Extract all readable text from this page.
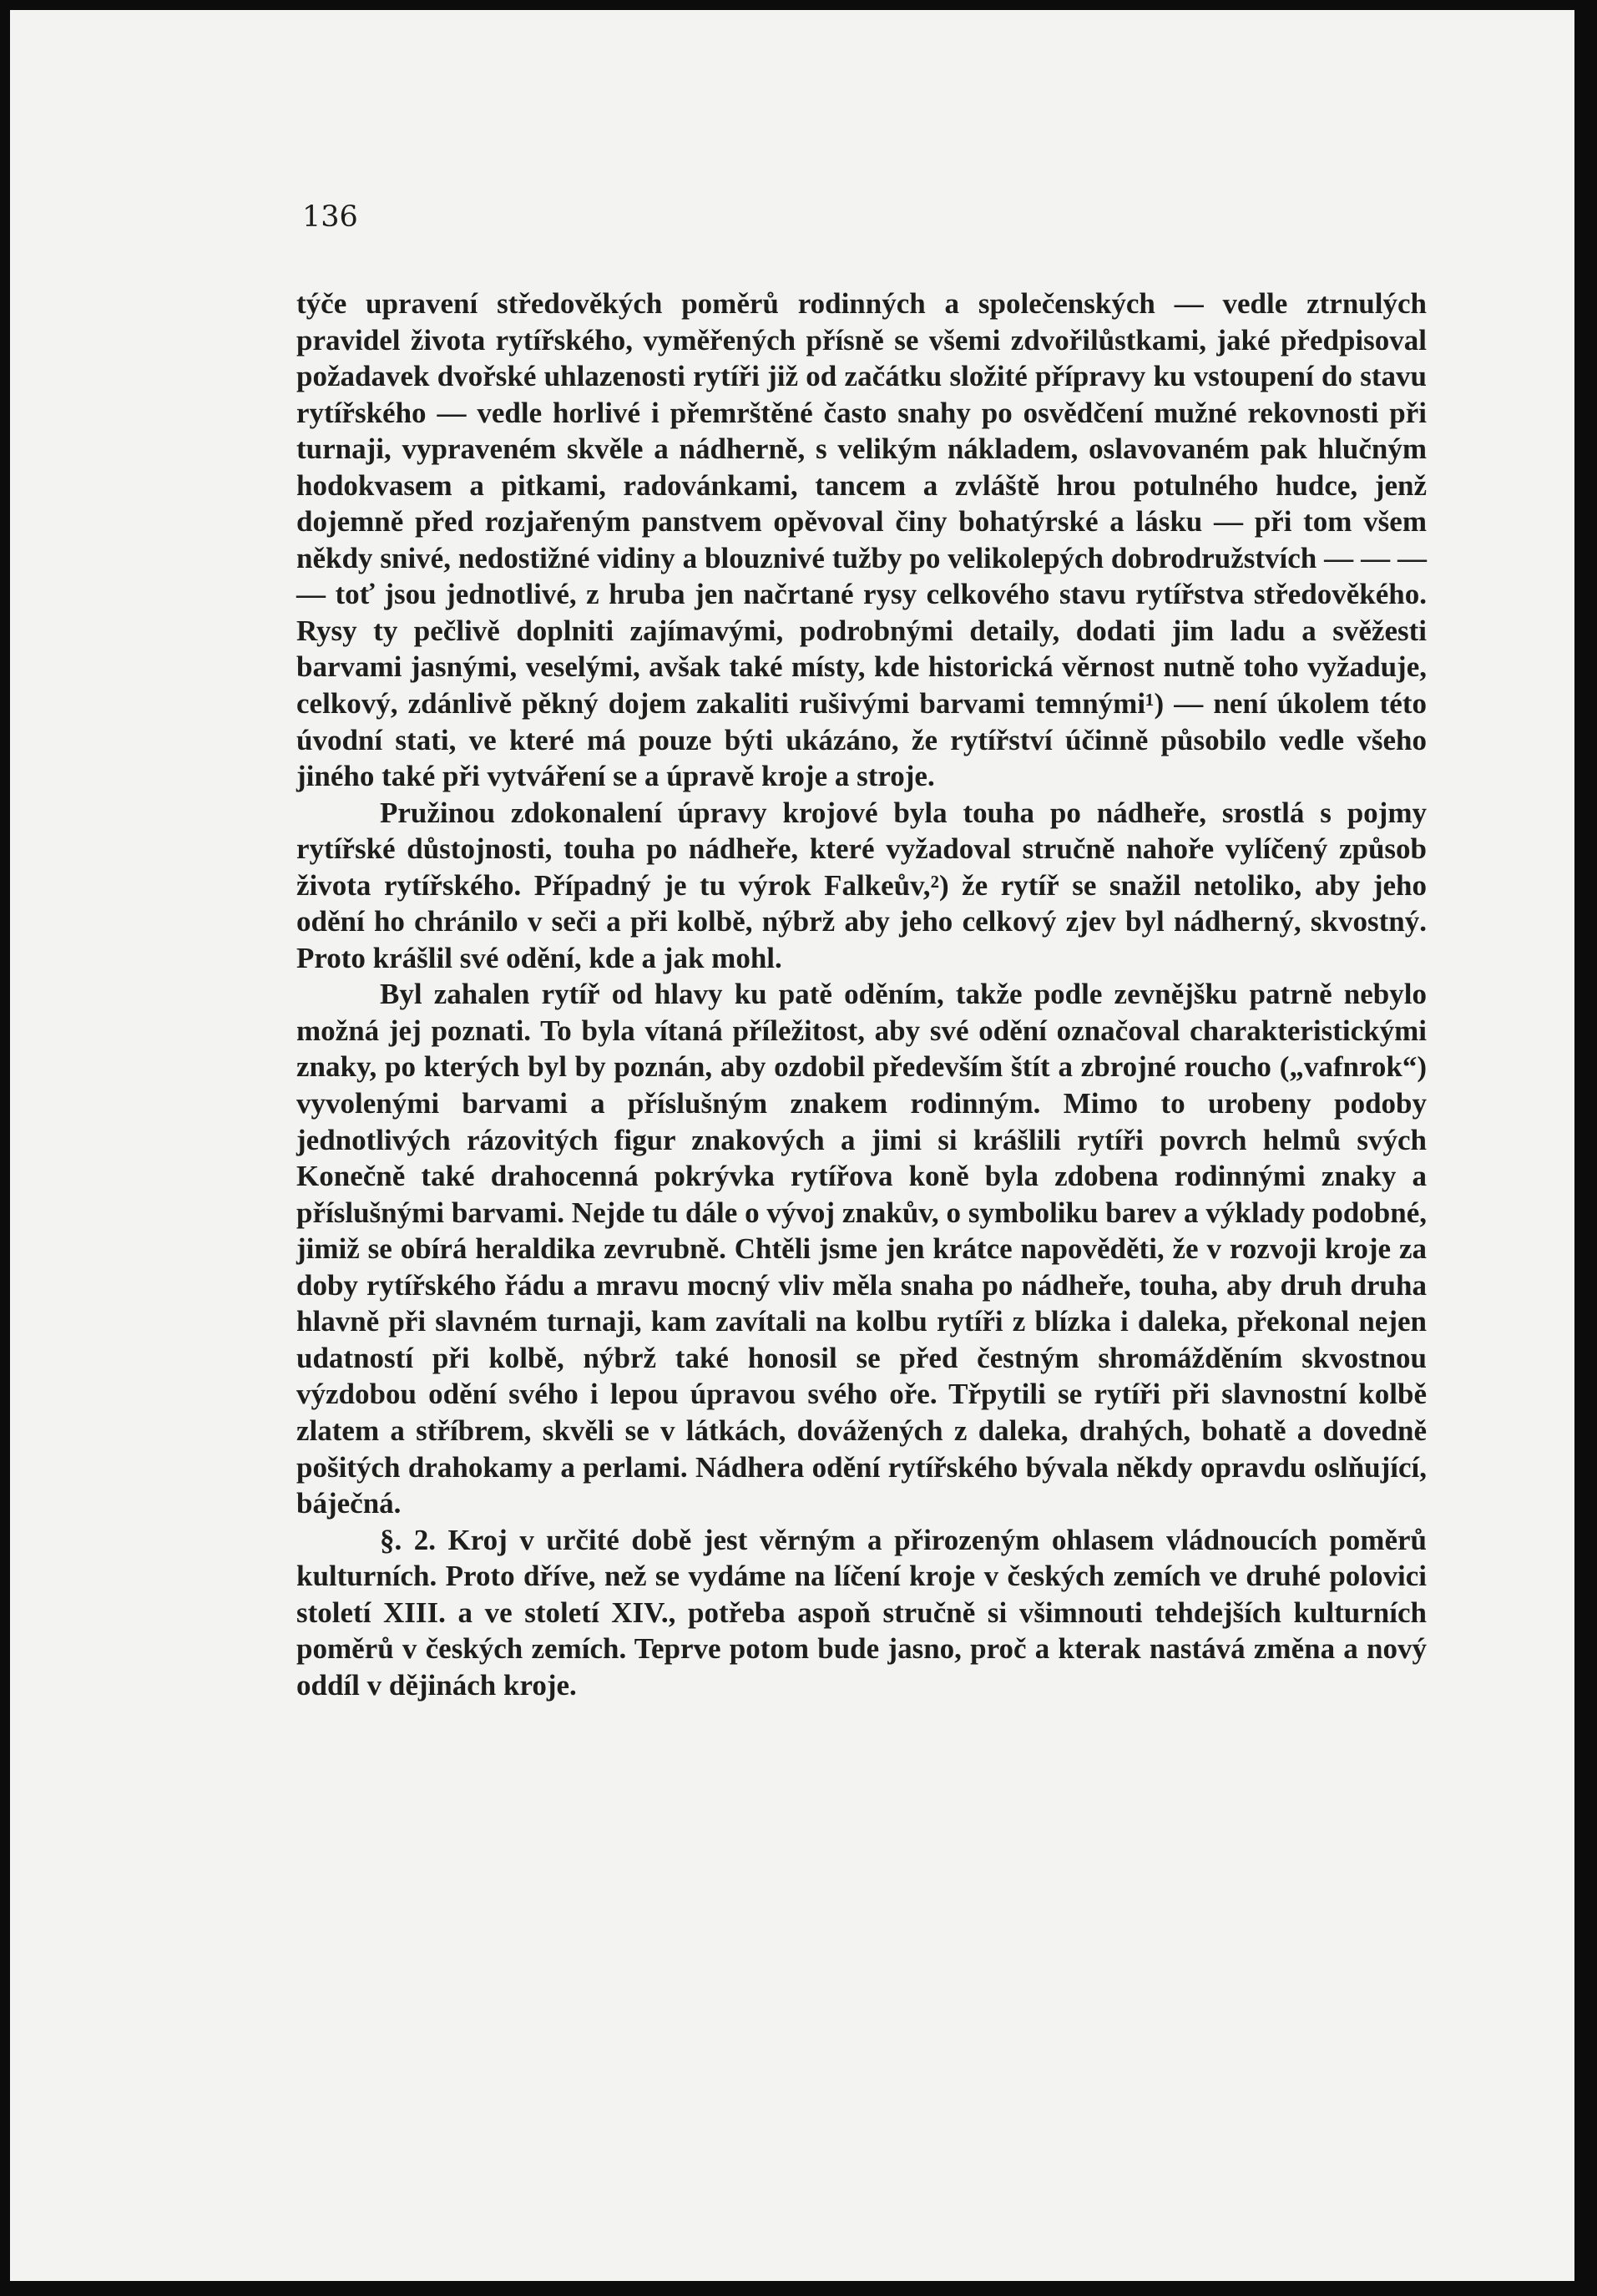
136

týče upravení středověkých poměrů rodinných a společenských — vedle ztrnulých pravidel života rytířského, vyměřených přísně se všemi zdvořilůstkami, jaké předpisoval požadavek dvořské uhlazenosti rytíři již od začátku složité přípravy ku vstoupení do stavu rytířského — vedle horlivé i přemrštěné často snahy po osvědčení mužné rekovnosti při turnaji, vypraveném skvěle a nádherně, s velikým nákladem, oslavovaném pak hlučným hodokvasem a pitkami, radovánkami, tancem a zvláště hrou potulného hudce, jenž dojemně před rozjařeným panstvem opěvoval činy bohatýrské a lásku — při tom všem někdy snivé, nedostižné vidiny a blouznivé tužby po velikolepých dobrodružstvích — — — — toť jsou jednotlivé, z hruba jen načrtané rysy celkového stavu rytířstva středověkého. Rysy ty pečlivě doplniti zajímavými, podrobnými detaily, dodati jim ladu a svěžesti barvami jasnými, veselými, avšak také místy, kde historická věrnost nutně toho vyžaduje, celkový, zdánlivě pěkný dojem zakaliti rušivými barvami temnými¹) — není úkolem této úvodní stati, ve které má pouze býti ukázáno, že rytířství účinně působilo vedle všeho jiného také při vytváření se a úpravě kroje a stroje.

Pružinou zdokonalení úpravy krojové byla touha po nádheře, srostlá s pojmy rytířské důstojnosti, touha po nádheře, které vyžadoval stručně nahoře vylíčený způsob života rytířského. Případný je tu výrok Falkeův,²) že rytíř se snažil netoliko, aby jeho odění ho chránilo v seči a při kolbě, nýbrž aby jeho celkový zjev byl nádherný, skvostný. Proto krášlil své odění, kde a jak mohl.

Byl zahalen rytíř od hlavy ku patě oděním, takže podle zevnějšku patrně nebylo možná jej poznati. To byla vítaná příležitost, aby své odění označoval charakteristickými znaky, po kterých byl by poznán, aby ozdobil především štít a zbrojné roucho („vafnrok“) vyvolenými barvami a příslušným znakem rodinným. Mimo to urobeny podoby jednotlivých rázovitých figur znakových a jimi si krášlili rytíři povrch helmů svých Konečně také drahocenná pokrývka rytířova koně byla zdobena rodinnými znaky a příslušnými barvami. Nejde tu dále o vývoj znakův, o symboliku barev a výklady podobné, jimiž se obírá heraldika zevrubně. Chtěli jsme jen krátce napověděti, že v rozvoji kroje za doby rytířského řádu a mravu mocný vliv měla snaha po nádheře, touha, aby druh druha hlavně při slavném turnaji, kam zavítali na kolbu rytíři z blízka i daleka, překonal nejen udatností při kolbě, nýbrž také honosil se před čestným shromážděním skvostnou výzdobou odění svého i lepou úpravou svého oře. Třpytili se rytíři při slavnostní kolbě zlatem a stříbrem, skvěli se v látkách, dovážených z daleka, drahých, bohatě a dovedně pošitých drahokamy a perlami. Nádhera odění rytířského bývala někdy opravdu oslňující, báječná.

§. 2. Kroj v určité době jest věrným a přirozeným ohlasem vládnoucích poměrů kulturních. Proto dříve, než se vydáme na líčení kroje v českých zemích ve druhé polovici století XIII. a ve století XIV., potřeba aspoň stručně si všimnouti tehdejších kulturních poměrů v českých zemích. Teprve potom bude jasno, proč a kterak nastává změna a nový oddíl v dějinách kroje.
